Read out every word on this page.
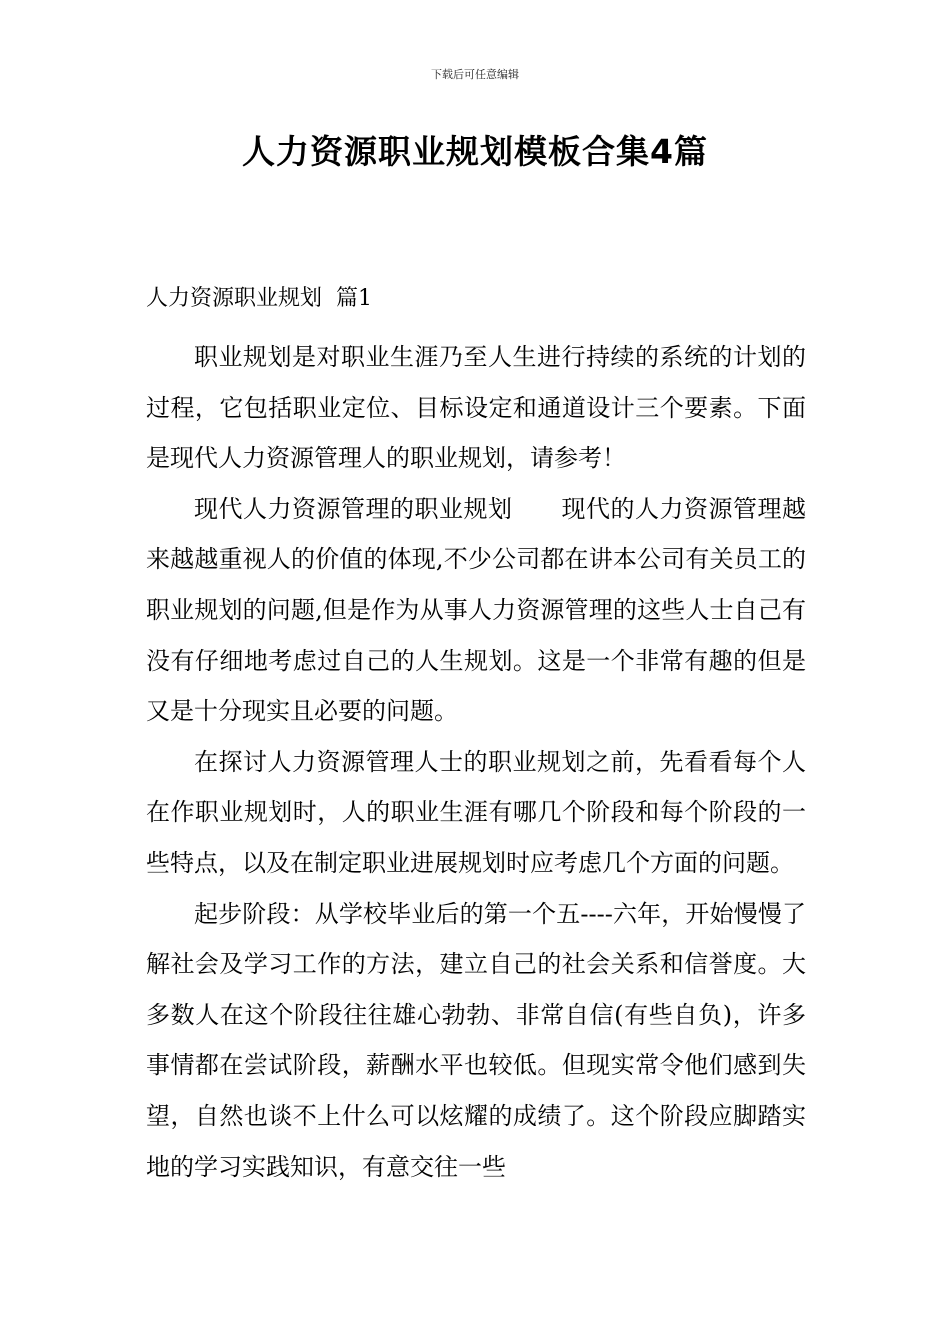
下载后可任意编辑
人力资源职业规划模板合集4篇
人力资源职业规划  篇1

职业规划是对职业生涯乃至人生进行持续的系统的计划的过程，它包括职业定位、目标设定和通道设计三个要素。下面是现代人力资源管理人的职业规划，请参考！

现代人力资源管理的职业规划　　现代的人力资源管理越来越越重视人的价值的体现,不少公司都在讲本公司有关员工的职业规划的问题,但是作为从事人力资源管理的这些人士自己有没有仔细地考虑过自己的人生规划。这是一个非常有趣的但是又是十分现实且必要的问题。

在探讨人力资源管理人士的职业规划之前，先看看每个人在作职业规划时，人的职业生涯有哪几个阶段和每个阶段的一些特点，以及在制定职业进展规划时应考虑几个方面的问题。

起步阶段：从学校毕业后的第一个五----六年，开始慢慢了解社会及学习工作的方法，建立自己的社会关系和信誉度。大多数人在这个阶段往往雄心勃勃、非常自信(有些自负)，许多事情都在尝试阶段，薪酬水平也较低。但现实常令他们感到失望，自然也谈不上什么可以炫耀的成绩了。这个阶段应脚踏实地的学习实践知识，有意交往一些
